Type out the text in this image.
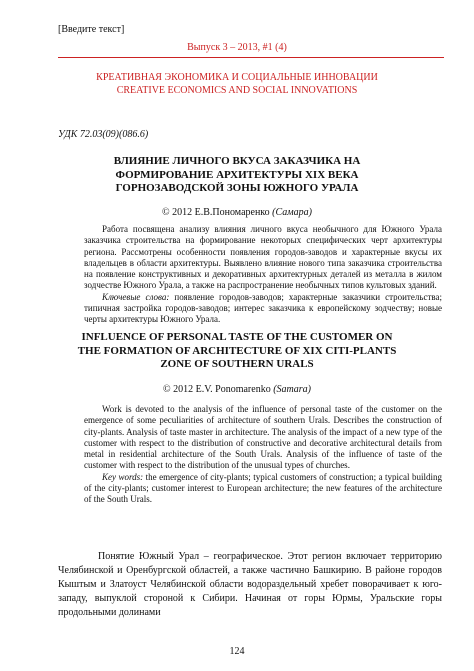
[Введите текст]
Выпуск 3 – 2013, #1 (4)
КРЕАТИВНАЯ ЭКОНОМИКА И СОЦИАЛЬНЫЕ ИННОВАЦИИ
CREATIVE ECONOMICS AND SOCIAL INNOVATIONS
УДК 72.03(09)(086.6)
ВЛИЯНИЕ ЛИЧНОГО ВКУСА ЗАКАЗЧИКА НА ФОРМИРОВАНИЕ АРХИТЕКТУРЫ XIX ВЕКА ГОРНОЗАВОДСКОЙ ЗОНЫ ЮЖНОГО УРАЛА
© 2012 Е.В.Пономаренко (Самара)

Работа посвящена анализу влияния личного вкуса необычного для Южного Урала заказчика строительства на формирование некоторых специфических черт архитектуры региона. Рассмотрены особенности появления городов-заводов и характерные вкусы их владельцев в области архитектуры. Выявлено влияние нового типа заказчика строительства на появление конструктивных и декоративных архитектурных деталей из металла в жилом зодчестве Южного Урала, а также на распространение необычных типов культовых зданий.

Ключевые слова: появление городов-заводов; характерные заказчики строительства; типичная застройка городов-заводов; интерес заказчика к европейскому зодчеству; новые черты архитектуры Южного Урала.

INFLUENCE OF PERSONAL TASTE OF THE CUSTOMER ON THE FORMATION OF ARCHITECTURE OF XIX CITI-PLANTS ZONE OF SOUTHERN URALS
© 2012 E.V. Ponomarenko (Samara)

Work is devoted to the analysis of the influence of personal taste of the customer on the emergence of some peculiarities of architecture of southern Urals. Describes the construction of city-plants. Analysis of taste master in architecture. The analysis of the impact of a new type of the customer with respect to the distribution of constructive and decorative architectural details from metal in residential architecture of the South Urals. Analysis of the influence of taste of the customer with respect to the distribution of the unusual types of churches.

Key words: the emergence of city-plants; typical customers of construction; a typical building of the city-plants; customer interest to European architecture; the new features of the architecture of the South Urals.

Понятие Южный Урал – географическое. Этот регион включает территорию Челябинской и Оренбургской областей, а также частично Башкирию. В районе городов Кыштым и Златоуст Челябинской области водораздельный хребет поворачивает к юго-западу, выпуклой стороной к Сибири. Начиная от горы Юрмы, Уральские горы продольными долинами

124
